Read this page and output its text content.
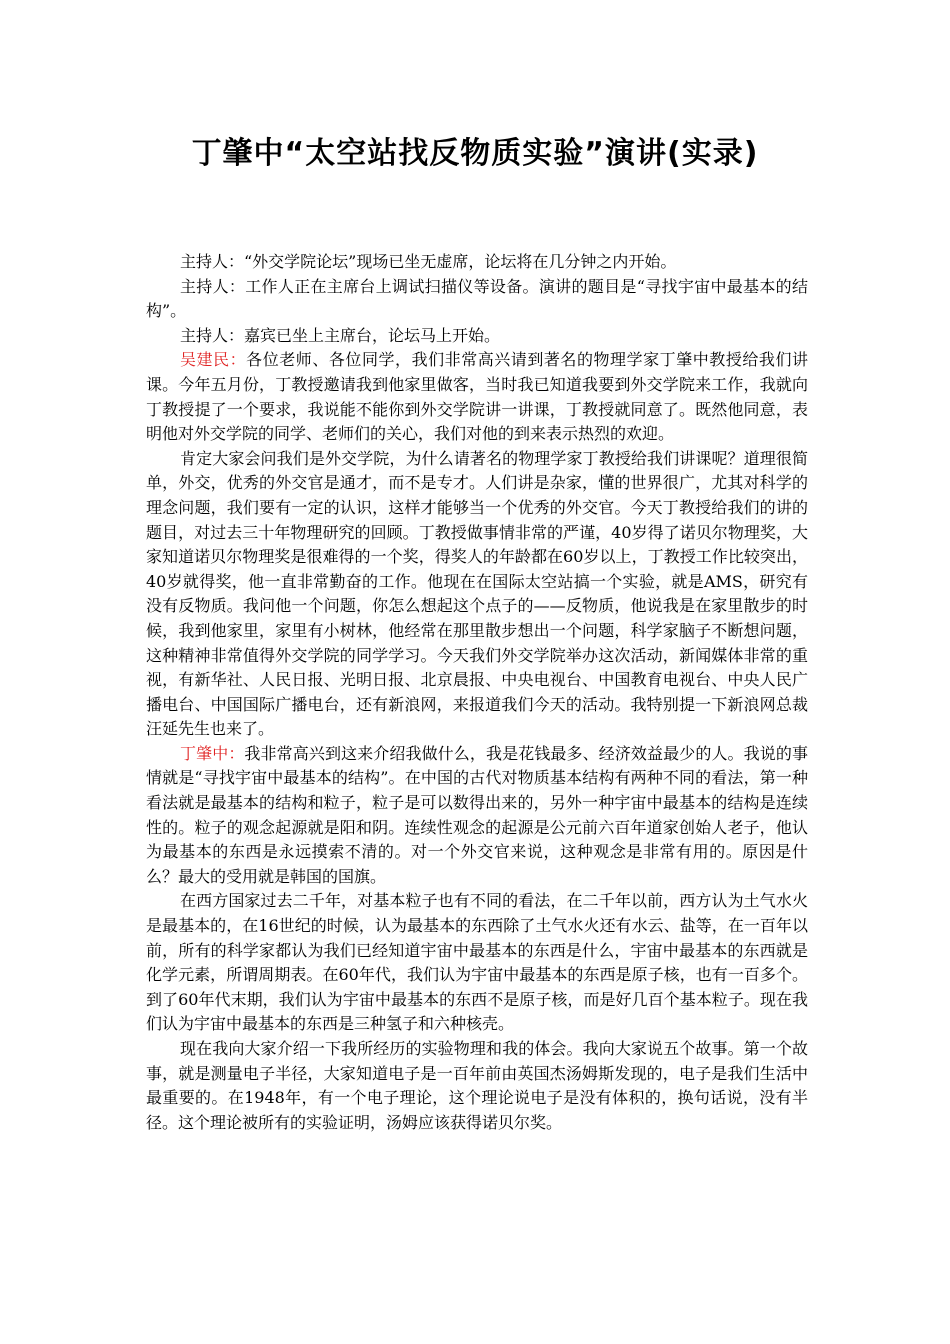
丁肇中“太空站找反物质实验”演讲(实录)

主持人：“外交学院论坛”现场已坐无虚席，论坛将在几分钟之内开始。

主持人：工作人正在主席台上调试扫描仪等设备。演讲的题目是“寻找宇宙中最基本的结构”。

主持人：嘉宾已坐上主席台，论坛马上开始。

吴建民：各位老师、各位同学，我们非常高兴请到著名的物理学家丁肇中教授给我们讲课。今年五月份，丁教授邀请我到他家里做客，当时我已知道我要到外交学院来工作，我就向丁教授提了一个要求，我说能不能你到外交学院讲一讲课，丁教授就同意了。既然他同意，表明他对外交学院的同学、老师们的关心，我们对他的到来表示热烈的欢迎。

肯定大家会问我们是外交学院，为什么请著名的物理学家丁教授给我们讲课呢？道理很简单，外交，优秀的外交官是通才，而不是专才。人们讲是杂家，懂的世界很广，尤其对科学的理念问题，我们要有一定的认识，这样才能够当一个优秀的外交官。今天丁教授给我们的讲的题目，对过去三十年物理研究的回顾。丁教授做事情非常的严谨，40岁得了诺贝尔物理奖，大家知道诺贝尔物理奖是很难得的一个奖，得奖人的年龄都在60岁以上，丁教授工作比较突出，40岁就得奖，他一直非常勤奋的工作。他现在在国际太空站搞一个实验，就是AMS，研究有没有反物质。我问他一个问题，你怎么想起这个点子的——反物质，他说我是在家里散步的时候，我到他家里，家里有小树林，他经常在那里散步想出一个问题，科学家脑子不断想问题，这种精神非常值得外交学院的同学学习。今天我们外交学院举办这次活动，新闻媒体非常的重视，有新华社、人民日报、光明日报、北京晨报、中央电视台、中国教育电视台、中央人民广播电台、中国国际广播电台，还有新浪网，来报道我们今天的活动。我特别提一下新浪网总裁汪延先生也来了。

丁肇中：我非常高兴到这来介绍我做什么，我是花钱最多、经济效益最少的人。我说的事情就是“寻找宇宙中最基本的结构”。在中国的古代对物质基本结构有两种不同的看法，第一种看法就是最基本的结构和粒子，粒子是可以数得出来的，另外一种宇宙中最基本的结构是连续性的。粒子的观念起源就是阳和阴。连续性观念的起源是公元前六百年道家创始人老子，他认为最基本的东西是永远摸索不清的。对一个外交官来说，这种观念是非常有用的。原因是什么？最大的受用就是韩国的国旗。

在西方国家过去二千年，对基本粒子也有不同的看法，在二千年以前，西方认为土气水火是最基本的，在16世纪的时候，认为最基本的东西除了土气水火还有水云、盐等，在一百年以前，所有的科学家都认为我们已经知道宇宙中最基本的东西是什么，宇宙中最基本的东西就是化学元素，所谓周期表。在60年代，我们认为宇宙中最基本的东西是原子核，也有一百多个。到了60年代末期，我们认为宇宙中最基本的东西不是原子核，而是好几百个基本粒子。现在我们认为宇宙中最基本的东西是三种氢子和六种核壳。

现在我向大家介绍一下我所经历的实验物理和我的体会。我向大家说五个故事。第一个故事，就是测量电子半径，大家知道电子是一百年前由英国杰汤姆斯发现的，电子是我们生活中最重要的。在1948年，有一个电子理论，这个理论说电子是没有体积的，换句话说，没有半径。这个理论被所有的实验证明，汤姆应该获得诺贝尔奖。
